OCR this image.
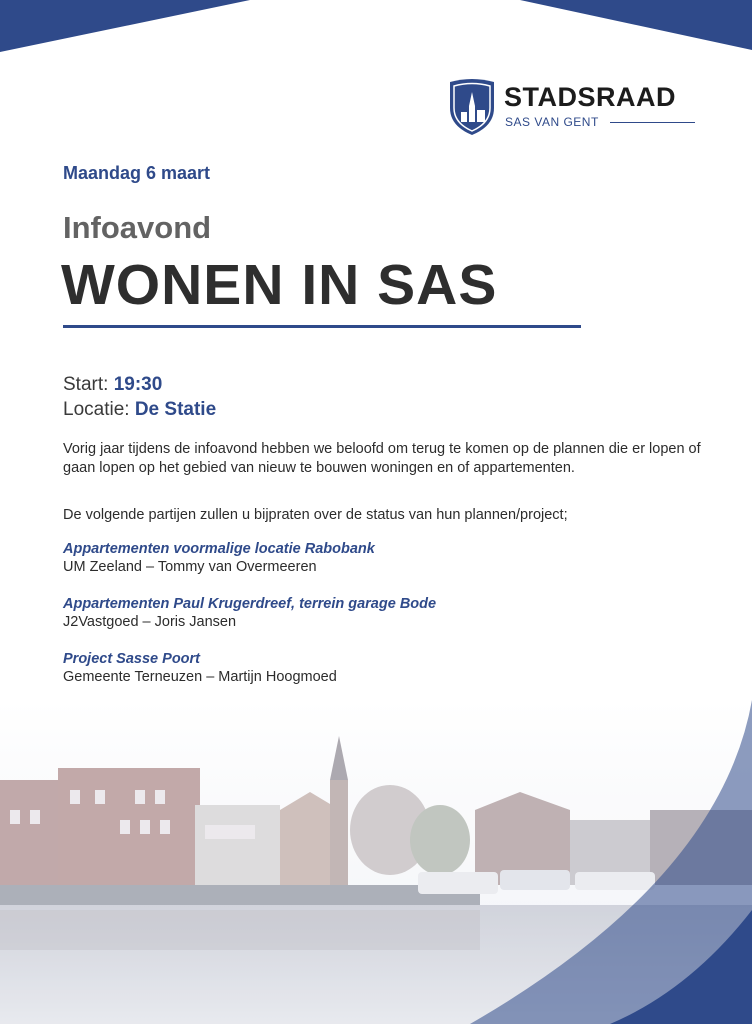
STADSRAAD
SAS VAN GENT
Maandag 6 maart
Infoavond
WONEN IN SAS
Start: 19:30
Locatie: De Statie
Vorig jaar tijdens de infoavond hebben we beloofd om terug te komen op de plannen die er lopen of gaan lopen op het gebied van nieuw te bouwen woningen en of appartementen.
De volgende partijen zullen u bijpraten over de status van hun plannen/project;
Appartementen voormalige locatie Rabobank
UM Zeeland – Tommy van Overmeeren
Appartementen Paul Krugerdreef, terrein garage Bode
J2Vastgoed – Joris Jansen
Project Sasse Poort
Gemeente Terneuzen – Martijn Hoogmoed
